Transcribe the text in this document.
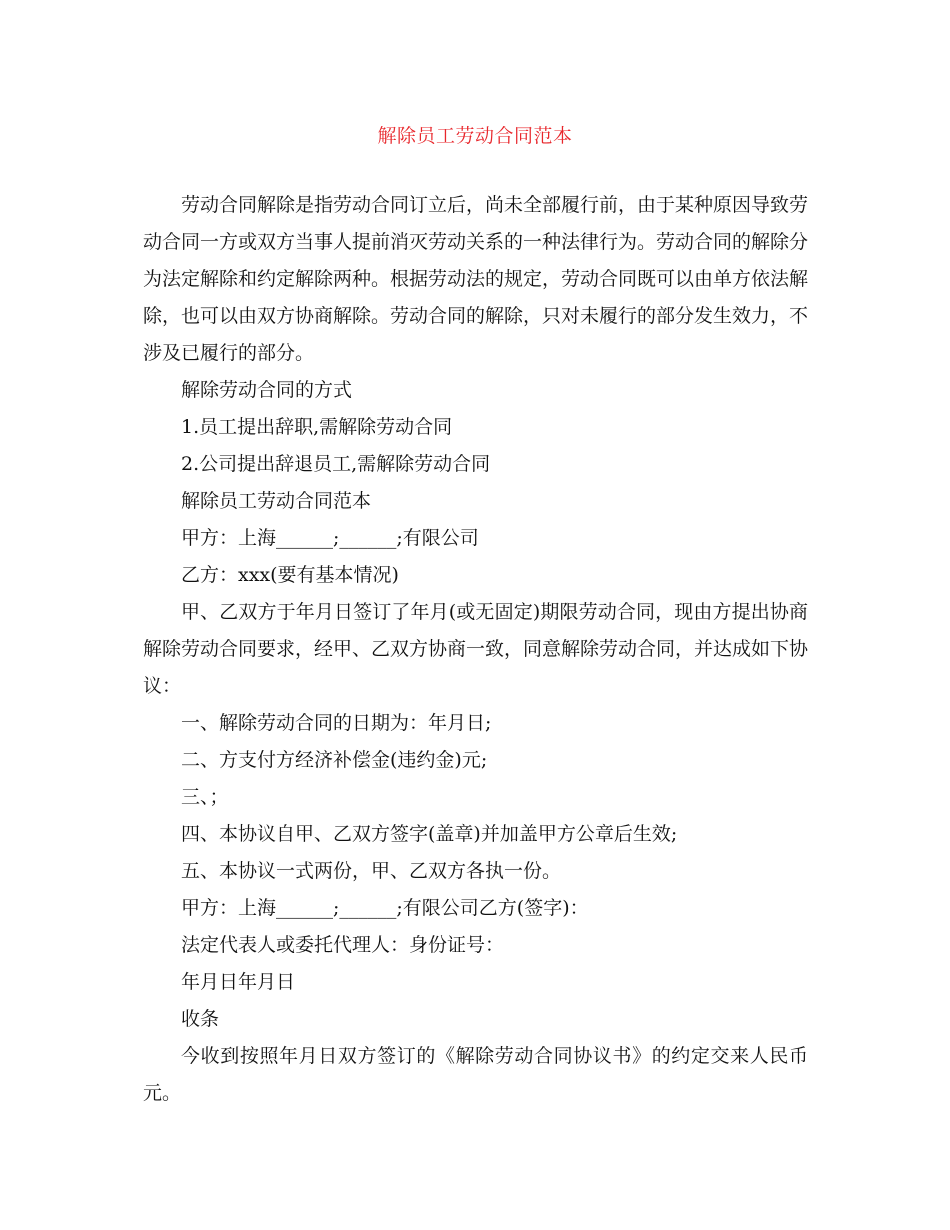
解除员工劳动合同范本

劳动合同解除是指劳动合同订立后，尚未全部履行前，由于某种原因导致劳动合同一方或双方当事人提前消灭劳动关系的一种法律行为。劳动合同的解除分为法定解除和约定解除两种。根据劳动法的规定，劳动合同既可以由单方依法解除，也可以由双方协商解除。劳动合同的解除，只对未履行的部分发生效力，不涉及已履行的部分。

解除劳动合同的方式

1.员工提出辞职,需解除劳动合同

2.公司提出辞退员工,需解除劳动合同

解除员工劳动合同范本

甲方：上海______;______;有限公司

乙方：xxx(要有基本情况)

甲、乙双方于年月日签订了年月(或无固定)期限劳动合同，现由方提出协商解除劳动合同要求，经甲、乙双方协商一致，同意解除劳动合同，并达成如下协议：

一、解除劳动合同的日期为：年月日;

二、方支付方经济补偿金(违约金)元;

三、；

四、本协议自甲、乙双方签字(盖章)并加盖甲方公章后生效;

五、本协议一式两份，甲、乙双方各执一份。

甲方：上海______;______;有限公司乙方(签字)：

法定代表人或委托代理人：身份证号：

年月日年月日

收条

今收到按照年月日双方签订的《解除劳动合同协议书》的约定交来人民币元。
